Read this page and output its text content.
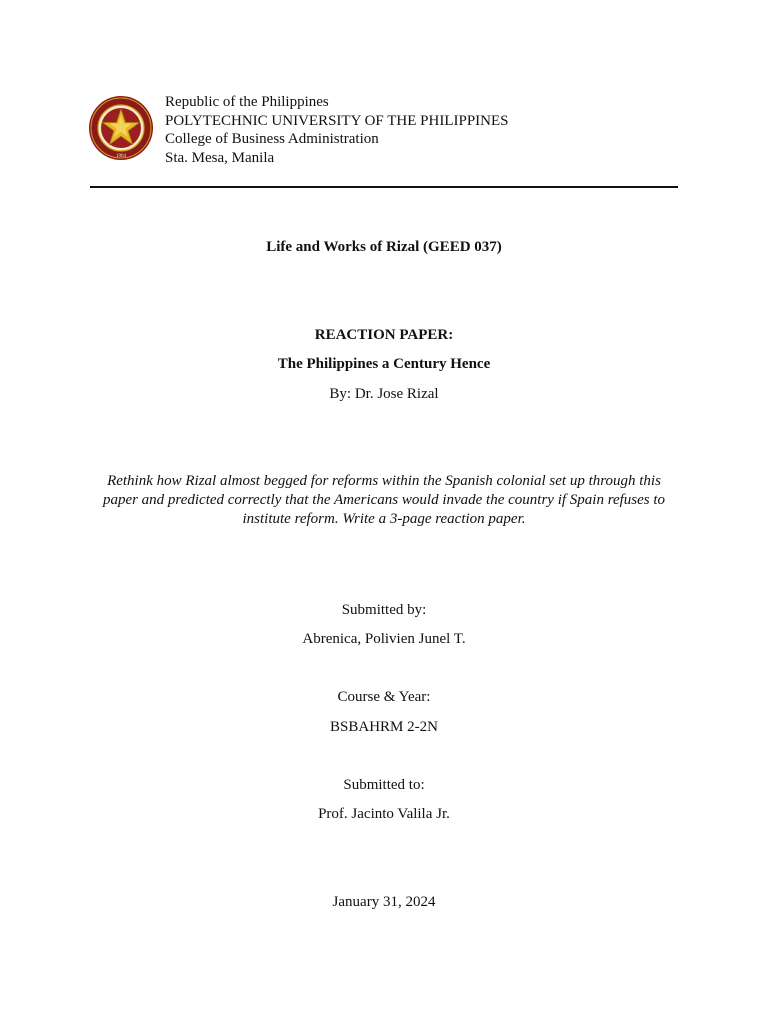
1904
Republic of the Philippines
POLYTECHNIC UNIVERSITY OF THE PHILIPPINES
College of Business Administration
Sta. Mesa, Manila
Life and Works of Rizal (GEED 037)
REACTION PAPER:
The Philippines a Century Hence
By: Dr. Jose Rizal
Rethink how Rizal almost begged for reforms within the Spanish colonial set up through this paper and predicted correctly that the Americans would invade the country if Spain refuses to institute reform. Write a 3-page reaction paper.
Submitted by:
Abrenica, Polivien Junel T.
Course & Year:
BSBAHRM 2-2N
Submitted to:
Prof. Jacinto Valila Jr.
January 31, 2024
